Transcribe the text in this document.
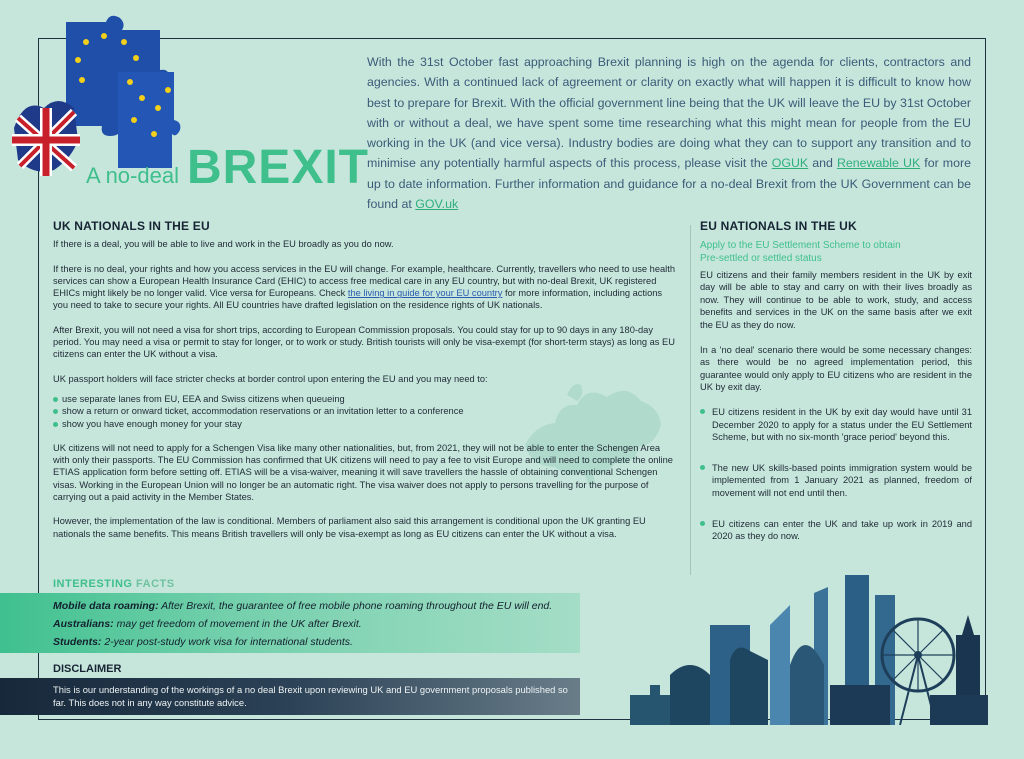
A no-deal BREXIT
With the 31st October fast approaching Brexit planning is high on the agenda for clients, contractors and agencies. With a continued lack of agreement or clarity on exactly what will happen it is difficult to know how best to prepare for Brexit. With the official government line being that the UK will leave the EU by 31st October with or without a deal, we have spent some time researching what this might mean for people from the EU working in the UK (and vice versa). Industry bodies are doing what they can to support any transition and to minimise any potentially harmful aspects of this process, please visit the OGUK and Renewable UK for more up to date information. Further information and guidance for a no-deal Brexit from the UK Government can be found at GOV.uk
UK NATIONALS IN THE EU

If there is a deal, you will be able to live and work in the EU broadly as you do now.

If there is no deal, your rights and how you access services in the EU will change. For example, healthcare. Currently, travellers who need to use health services can show a European Health Insurance Card (EHIC) to access free medical care in any EU country, but with no-deal Brexit, UK registered EHICs might likely be no longer valid. Vice versa for Europeans. Check the living in guide for your EU country for more information, including actions you need to take to secure your rights. All EU countries have drafted legislation on the residence rights of UK nationals.

After Brexit, you will not need a visa for short trips, according to European Commission proposals. You could stay for up to 90 days in any 180-day period. You may need a visa or permit to stay for longer, or to work or study. British tourists will only be visa-exempt (for short-term stays) as long as EU citizens can enter the UK without a visa.

UK passport holders will face stricter checks at border control upon entering the EU and you may need to:

use separate lanes from EU, EEA and Swiss citizens when queueing
show a return or onward ticket, accommodation reservations or an invitation letter to a conference
show you have enough money for your stay

UK citizens will not need to apply for a Schengen Visa like many other nationalities, but, from 2021, they will not be able to enter the Schengen Area with only their passports. The EU Commission has confirmed that UK citizens will need to pay a fee to visit Europe and will need to complete the online ETIAS application form before setting off. ETIAS will be a visa-waiver, meaning it will save travellers the hassle of obtaining conventional Schengen visas. Working in the European Union will no longer be an automatic right. The visa waiver does not apply to persons travelling for the purpose of carrying out a paid activity in the Member States.

However, the implementation of the law is conditional. Members of parliament also said this arrangement is conditional upon the UK granting EU nationals the same benefits. This means British travellers will only be visa-exempt as long as EU citizens can enter the UK without a visa.

INTERESTING FACTS
Mobile data roaming: After Brexit, the guarantee of free mobile phone roaming throughout the EU will end.
Australians: may get freedom of movement in the UK after Brexit.
Students: 2-year post-study work visa for international students.
DISCLAIMER
This is our understanding of the workings of a no deal Brexit upon reviewing UK and EU government proposals published so far. This does not in any way constitute advice.
EU NATIONALS IN THE UK
Apply to the EU Settlement Scheme to obtain
Pre-settled or settled status

EU citizens and their family members resident in the UK by exit day will be able to stay and carry on with their lives broadly as now. They will continue to be able to work, study, and access benefits and services in the UK on the same basis after we exit the EU as they do now.

In a 'no deal' scenario there would be some necessary changes: as there would be no agreed implementation period, this guarantee would only apply to EU citizens who are resident in the UK by exit day.

EU citizens resident in the UK by exit day would have until 31 December 2020 to apply for a status under the EU Settlement Scheme, but with no six-month 'grace period' beyond this.
The new UK skills-based points immigration system would be implemented from 1 January 2021 as planned, freedom of movement will not end until then.
EU citizens can enter the UK and take up work in 2019 and 2020 as they do now.
